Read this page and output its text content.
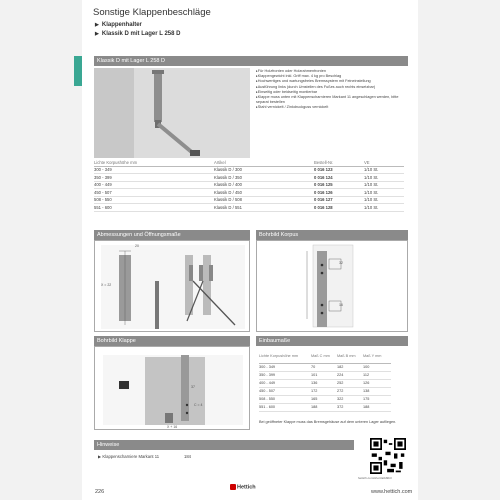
Sonstige Klappenbeschläge
▶ Klappenhalter
▶ Klassik D mit Lager L 258 D
Klassik D mit Lager L 258 D
▸ Für Holzfronten oder Holzrahmenfronten
▸ Klappengewicht inkl. Griff max. 4 kg pro Beschlag
▸ Hochwertiges und wartungsfreies Bremssystem mit Feineinstellung
▸ Ausführung links (durch Umstellen des Fußes auch rechts einsetzbar)
▸ Einseitig oder beidseitig montierbar
▸ Klappe muss unten mit Klappenscharnieren Markant 11 angeschlagen werden, bitte separat bestellen
▸ Stahl vernickelt / Zinkdruckguss vernickelt
Lichte Korpushöhe mm	Artikel	Bestell-Nr.	VE
300 - 349	Klassik D / 300	0 016 123	1/10 St.
350 - 399	Klassik D / 350	0 016 124	1/10 St.
400 - 449	Klassik D / 400	0 016 125	1/10 St.
450 - 507	Klassik D / 450	0 016 126	1/10 St.
508 - 550	Klassik D / 508	0 016 127	1/10 St.
551 - 600	Klassik D / 551	0 016 128	1/10 St.
Abmessungen und Öffnungsmaße
20
X = 22
Bohrbild Korpus
32
16
Bohrbild Klappe
C = 4
X + 16
37
Einbaumaße
Lichte Korpushöhe mm	Maß C mm	Maß B mm	Maß Y mm
300 - 349	70	182	100
350 - 399	101	224	112
400 - 449	136	252	126
450 - 507	172	272	138
508 - 550	165	322	175
551 - 600	188	372	188
Bei geöffneter Klappe muss das Bremsgehäuse auf dem unteren Lager aufliegen.
Hinweise
▶ Klappenscharniere Markant 11	184
hettich.com/short/a0d9b3
226
Hettich
www.hettich.com
